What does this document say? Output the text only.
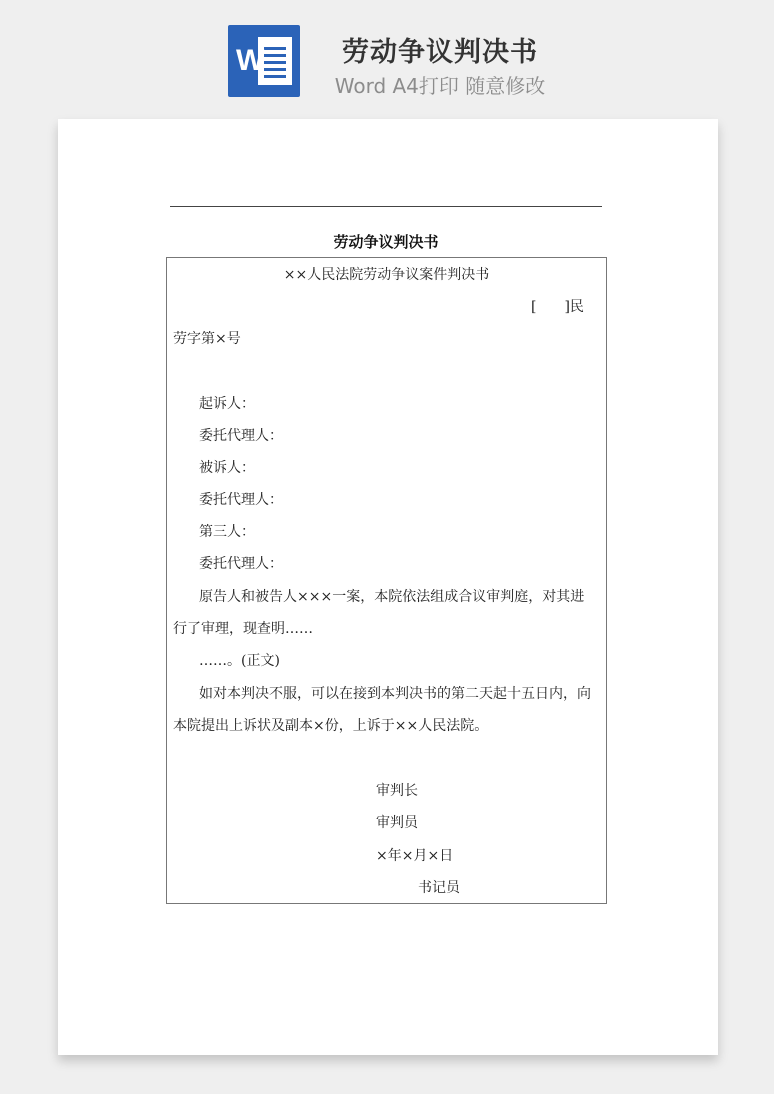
W	劳动争议判决书
Word A4打印 随意修改
劳动争议判决书
××人民法院劳动争议案件判决书
[　　]民
劳字第×号
起诉人：
委托代理人：
被诉人：
委托代理人：
第三人：
委托代理人：
原告人和被告人×××一案，本院依法组成合议审判庭，对其进
行了审理，现查明……
……。(正文)
如对本判决不服，可以在接到本判决书的第二天起十五日内，向
本院提出上诉状及副本×份，上诉于××人民法院。
审判长
审判员
×年×月×日
书记员
